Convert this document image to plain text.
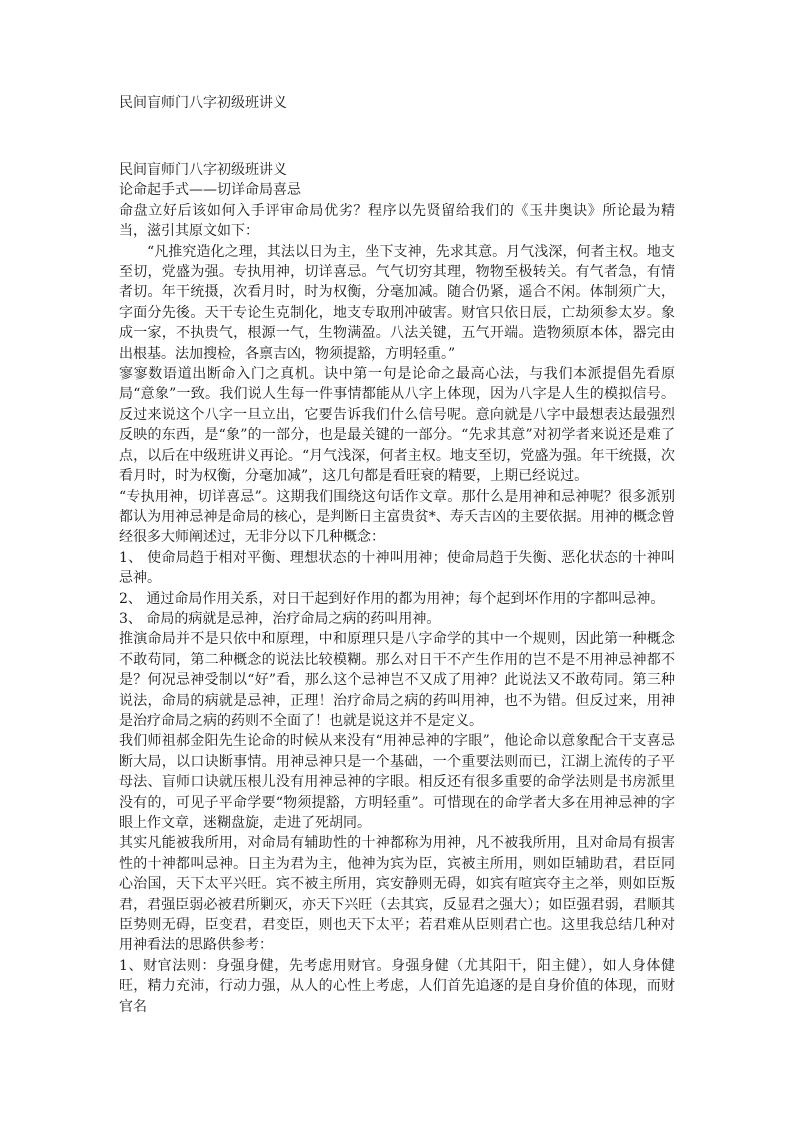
民间盲师门八字初级班讲义

民间盲师门八字初级班讲义

论命起手式——切详命局喜忌

命盘立好后该如何入手评审命局优劣？程序以先贤留给我们的《玉井奥诀》所论最为精当，滋引其原文如下：

“凡推究造化之理，其法以日为主，坐下支神，先求其意。月气浅深，何者主权。地支至切，党盛为强。专执用神，切详喜忌。气气切穷其理，物物至极转关。有气者急，有情者切。年干统摄，次看月时，时为权衡，分毫加减。随合仍紧，遥合不闲。体制须广大，字面分先後。天干专论生克制化，地支专取刑冲破害。财官只依日辰，亡劫须参太岁。象成一家，不执贵气，根源一气，生物满盈。八法关键，五气开端。造物须原本体，器完由出根基。法加搜检，各禀吉凶，物须提豁，方明轻重。”

寥寥数语道出断命入门之真机。诀中第一句是论命之最高心法，与我们本派提倡先看原局“意象”一致。我们说人生每一件事情都能从八字上体现，因为八字是人生的模拟信号。反过来说这个八字一旦立出，它要告诉我们什么信号呢。意向就是八字中最想表达最强烈反映的东西，是“象”的一部分，也是最关键的一部分。“先求其意”对初学者来说还是难了点，以后在中级班讲义再论。“月气浅深，何者主权。地支至切，党盛为强。年干统摄，次看月时，时为权衡，分毫加减”，这几句都是看旺衰的精要，上期已经说过。

“专执用神，切详喜忌”。这期我们围绕这句话作文章。那什么是用神和忌神呢？很多派别都认为用神忌神是命局的核心，是判断日主富贵贫*、寿夭吉凶的主要依据。用神的概念曾经很多大师阐述过，无非分以下几种概念：

1、 使命局趋于相对平衡、理想状态的十神叫用神；使命局趋于失衡、恶化状态的十神叫忌神。

2、 通过命局作用关系，对日干起到好作用的都为用神；每个起到坏作用的字都叫忌神。

3、 命局的病就是忌神，治疗命局之病的药叫用神。

推演命局并不是只依中和原理，中和原理只是八字命学的其中一个规则，因此第一种概念不敢苟同，第二种概念的说法比较模糊。那么对日干不产生作用的岂不是不用神忌神都不是？何况忌神受制以“好”看，那么这个忌神岂不又成了用神？此说法又不敢苟同。第三种说法，命局的病就是忌神，正理！治疗命局之病的药叫用神，也不为错。但反过来，用神是治疗命局之病的药则不全面了！也就是说这并不是定义。

我们师祖郝金阳先生论命的时候从来没有“用神忌神的字眼”，他论命以意象配合干支喜忌断大局，以口诀断事情。用神忌神只是一个基础，一个重要法则而已，江湖上流传的子平母法、盲师口诀就压根儿没有用神忌神的字眼。相反还有很多重要的命学法则是书房派里没有的，可见子平命学要“物须提豁，方明轻重”。可惜现在的命学者大多在用神忌神的字眼上作文章，迷糊盘旋，走进了死胡同。

其实凡能被我所用，对命局有辅助性的十神都称为用神，凡不被我所用，且对命局有损害性的十神都叫忌神。日主为君为主，他神为宾为臣，宾被主所用，则如臣辅助君，君臣同心治国，天下太平兴旺。宾不被主所用，宾安静则无碍，如宾有喧宾夺主之举，则如臣叛君，君强臣弱必被君所剿灭，亦天下兴旺（去其宾，反显君之强大）；如臣强君弱，君顺其臣势则无碍，臣变君，君变臣，则也天下太平；若君难从臣则君亡也。这里我总结几种对用神看法的思路供参考：

1、财官法则：身强身健，先考虑用财官。身强身健（尤其阳干，阳主健），如人身体健旺，精力充沛，行动力强，从人的心性上考虑，人们首先追逐的是自身价值的体现，而财官名
